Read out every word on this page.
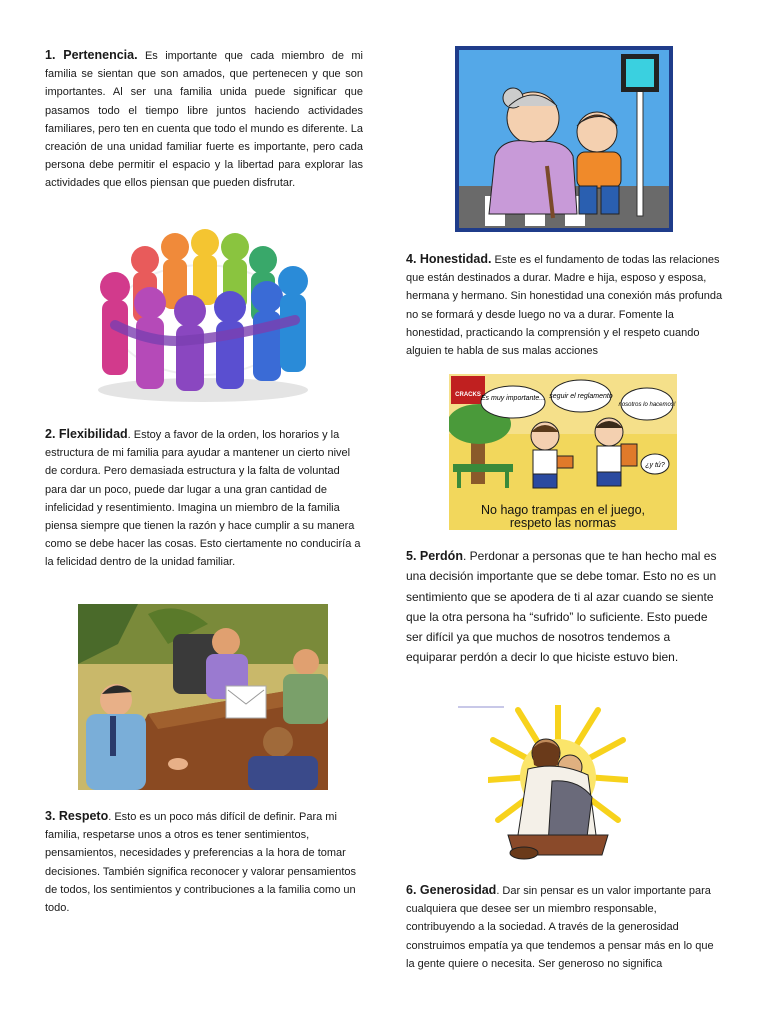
1. Pertenencia. Es importante que cada miembro de mi familia se sientan que son amados, que pertenecen y que son importantes. Al ser una familia unida puede significar que pasamos todo el tiempo libre juntos haciendo actividades familiares, pero ten en cuenta que todo el mundo es diferente. La creación de una unidad familiar fuerte es importante, pero cada persona debe permitir el espacio y la libertad para explorar las actividades que ellos piensan que pueden disfrutar.

2. Flexibilidad. Estoy a favor de la orden, los horarios y la estructura de mi familia para ayudar a mantener un cierto nivel de cordura. Pero demasiada estructura y la falta de voluntad para dar un poco, puede dar lugar a una gran cantidad de infelicidad y resentimiento. Imagina un miembro de la familia piensa siempre que tienen la razón y hace cumplir a su manera como se debe hacer las cosas. Esto ciertamente no conduciría a la felicidad dentro de la unidad familiar.

3. Respeto. Esto es un poco más difícil de definir. Para mi familia, respetarse unos a otros es tener sentimientos, pensamientos, necesidades y preferencias a la hora de tomar decisiones. También significa reconocer y valorar pensamientos de todos, los sentimientos y contribuciones a la familia como un todo.

4. Honestidad. Este es el fundamento de todas las relaciones que están destinados a durar. Madre e hija, esposo y esposa, hermana y hermano. Sin honestidad una conexión más profunda no se formará y desde luego no va a durar. Fomente la honestidad, practicando la comprensión y el respeto cuando alguien te habla de sus malas acciones

CRACKS Es muy importante... seguir el reglamento
nosotros lo hacemos!
¿y tú?
No hago trampas en el juego,
respeto las normas

5. Perdón. Perdonar a personas que te han hecho mal es una decisión importante que se debe tomar. Esto no es un sentimiento que se apodera de ti al azar cuando se siente que la otra persona ha “sufrido” lo suficiente. Esto puede ser difícil ya que muchos de nosotros tendemos a equiparar perdón a decir lo que hiciste estuvo bien.

6. Generosidad. Dar sin pensar es un valor importante para cualquiera que desee ser un miembro responsable, contribuyendo a la sociedad. A través de la generosidad construimos empatía ya que tendemos a pensar más en lo que la gente quiere o necesita. Ser generoso no significa
